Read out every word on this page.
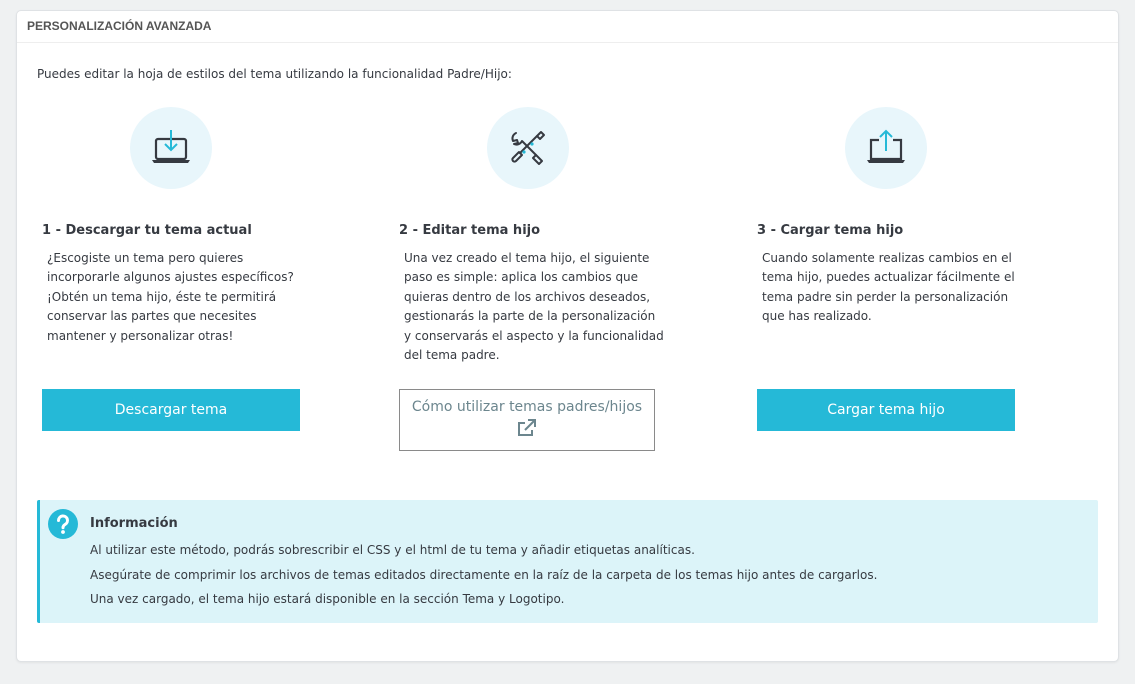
PERSONALIZACIÓN AVANZADA
Puedes editar la hoja de estilos del tema utilizando la funcionalidad Padre/Hijo:
1 - Descargar tu tema actual
¿Escogiste un tema pero quieres incorporarle algunos ajustes específicos? ¡Obtén un tema hijo, éste te permitirá conservar las partes que necesites mantener y personalizar otras!
Descargar tema
2 - Editar tema hijo
Una vez creado el tema hijo, el siguiente paso es simple: aplica los cambios que quieras dentro de los archivos deseados, gestionarás la parte de la personalización y conservarás el aspecto y la funcionalidad del tema padre.
Cómo utilizar temas padres/hijos
3 - Cargar tema hijo
Cuando solamente realizas cambios en el tema hijo, puedes actualizar fácilmente el tema padre sin perder la personalización que has realizado.
Cargar tema hijo
Información
Al utilizar este método, podrás sobrescribir el CSS y el html de tu tema y añadir etiquetas analíticas.
Asegúrate de comprimir los archivos de temas editados directamente en la raíz de la carpeta de los temas hijo antes de cargarlos.
Una vez cargado, el tema hijo estará disponible en la sección Tema y Logotipo.
